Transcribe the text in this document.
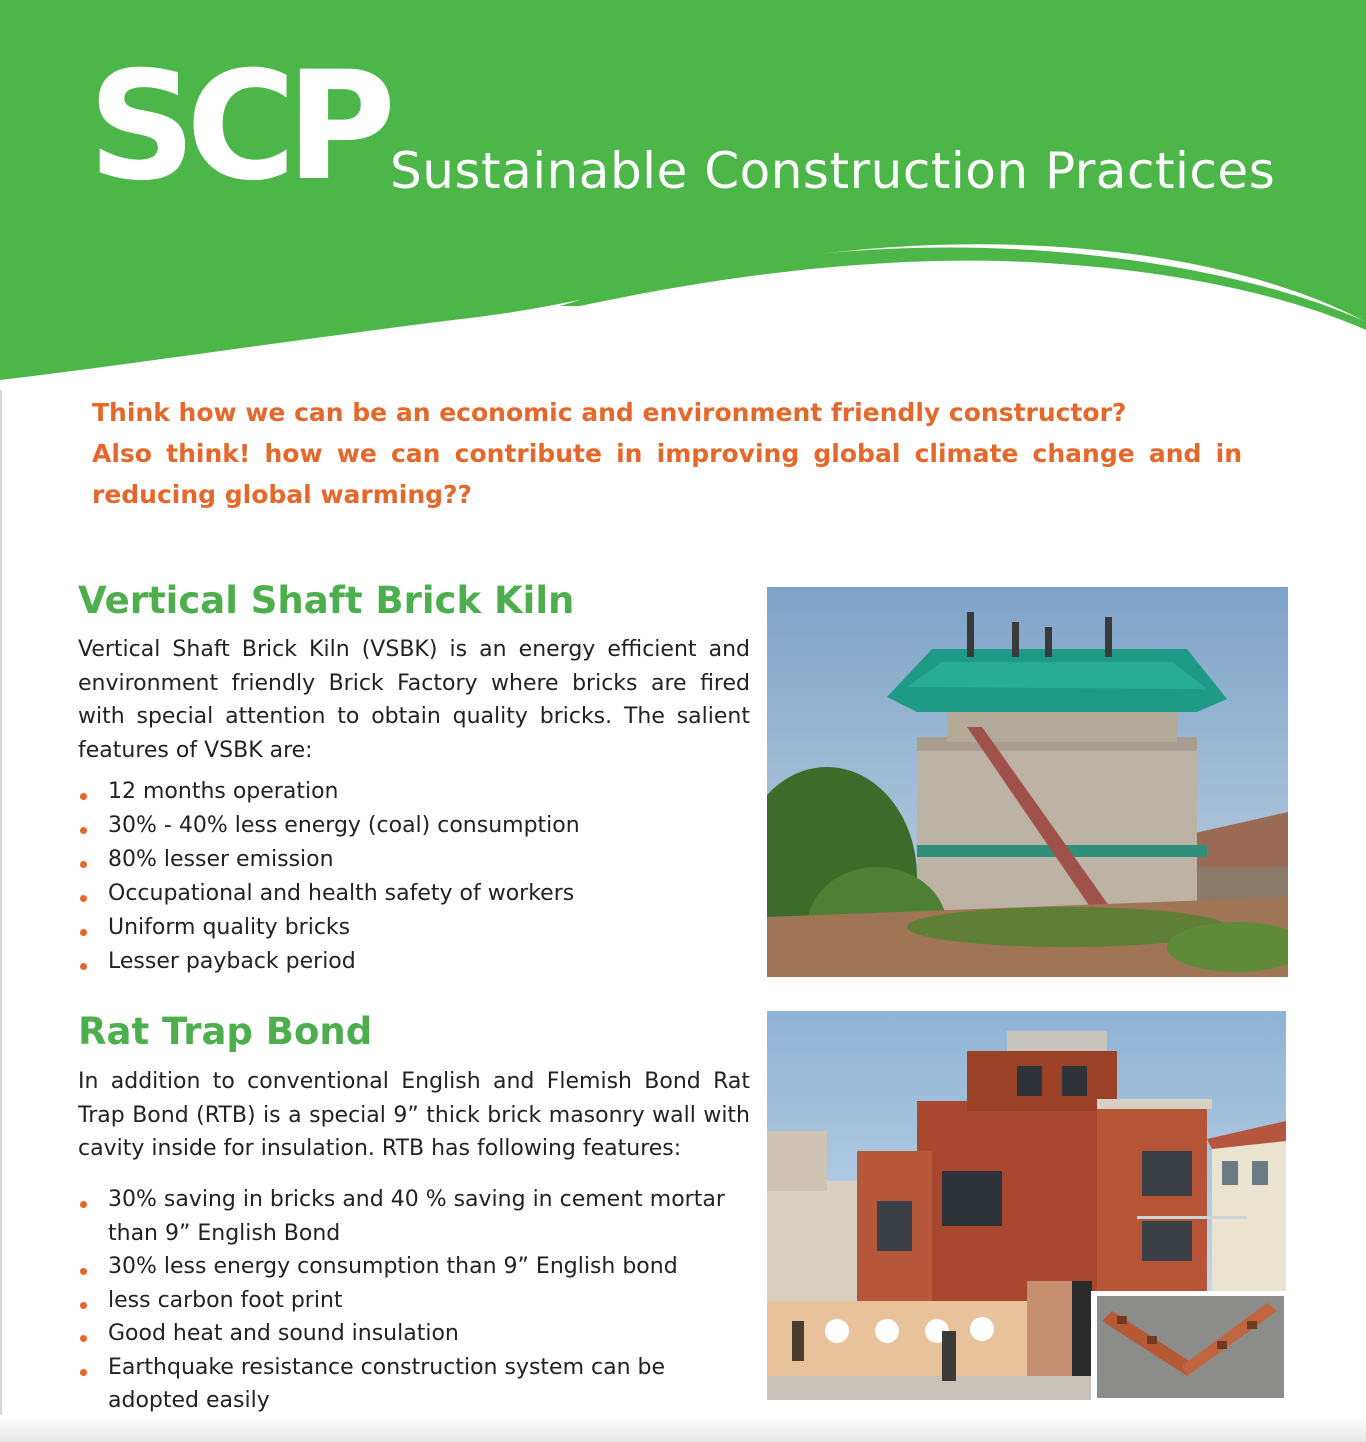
SCP Sustainable Construction Practices

Think how we can be an economic and environment friendly constructor?

Also think! how we can contribute in improving global climate change and in reducing global warming??

Vertical Shaft Brick Kiln

Vertical Shaft Brick Kiln (VSBK) is an energy efficient and environment friendly Brick Factory where bricks are fired with special attention to obtain quality bricks. The salient features of VSBK are:

12 months operation
30% - 40% less energy (coal) consumption
80% lesser emission
Occupational and health safety of workers
Uniform quality bricks
Lesser payback period
Rat Trap Bond

In addition to conventional English and Flemish Bond Rat Trap Bond (RTB) is a special 9” thick brick masonry wall with cavity inside for insulation. RTB has following features:

30% saving in bricks and 40 % saving in cement mortar than 9” English Bond
30% less energy consumption than 9” English bond
less carbon foot print
Good heat and sound insulation
Earthquake resistance construction system can be adopted easily
